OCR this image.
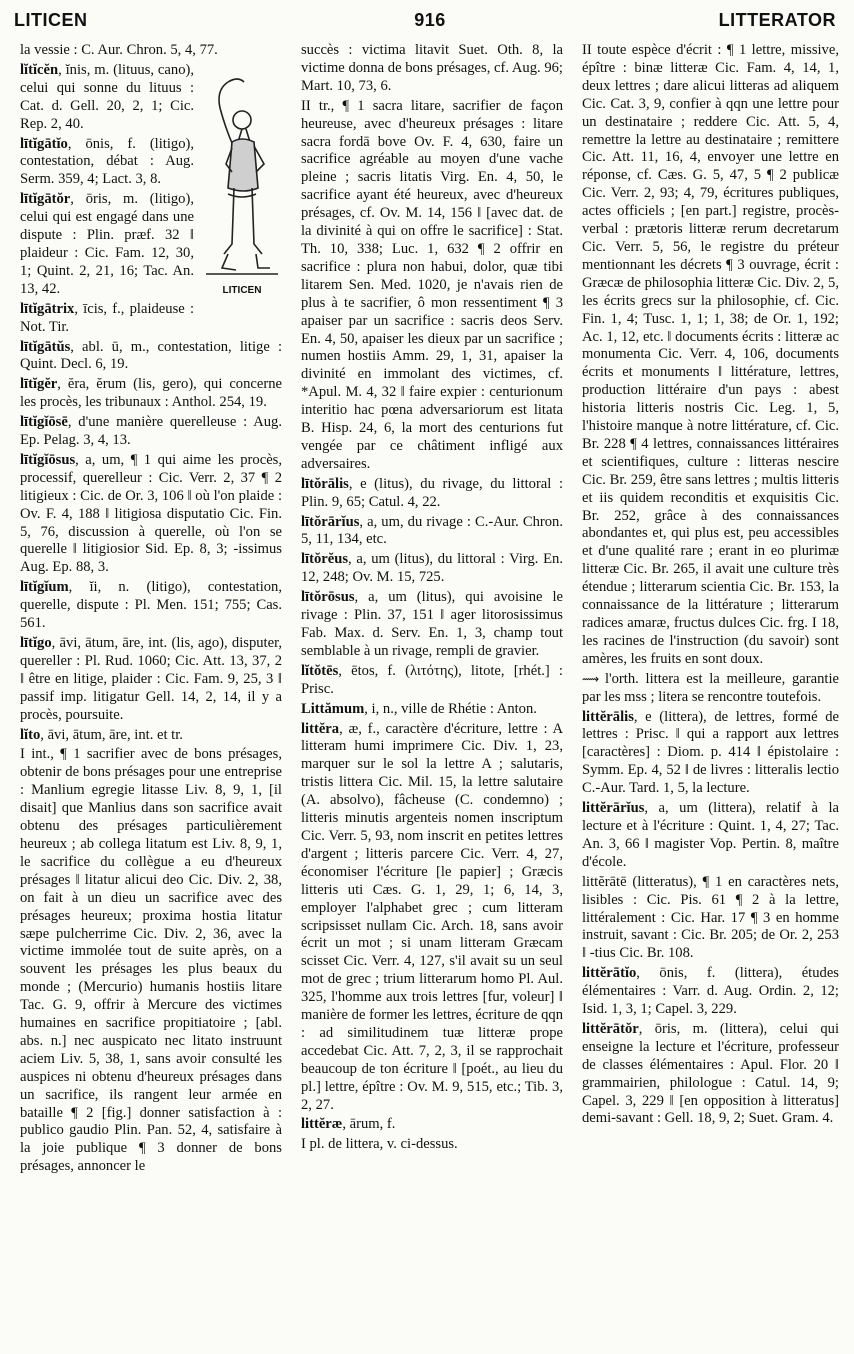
LITICEN	916	LITTERATOR

la vessie : C. Aur. Chron. 5, 4, 77.

LITICEN

lĭtĭcĕn, ĭnis, m. (lituus, cano), celui qui sonne du lituus : Cat. d. Gell. 20, 2, 1; Cic. Rep. 2, 40.

lītĭgātĭo, ōnis, f. (litigo), contestation, débat : Aug. Serm. 359, 4; Lact. 3, 8.

lītĭgātŏr, ōris, m. (litigo), celui qui est engagé dans une dispute : Plin. præf. 32 ‖ plaideur : Cic. Fam. 12, 30, 1; Quint. 2, 21, 16; Tac. An. 13, 42.

lītĭgātrix, īcis, f., plaideuse : Not. Tir.

lītĭgātŭs, abl. ū, m., contestation, litige : Quint. Decl. 6, 19.

lītĭgĕr, ĕra, ĕrum (lis, gero), qui concerne les procès, les tribunaux : Anthol. 254, 19.

lītĭgĭōsē, d'une manière querelleuse : Aug. Ep. Pelag. 3, 4, 13.

lītĭgĭōsus, a, um, ¶ 1 qui aime les procès, processif, querelleur : Cic. Verr. 2, 37 ¶ 2 litigieux : Cic. de Or. 3, 106 ‖ où l'on plaide : Ov. F. 4, 188 ‖ litigiosa disputatio Cic. Fin. 5, 76, discussion à querelle, où l'on se querelle ‖ litigiosior Sid. Ep. 8, 3; -issimus Aug. Ep. 88, 3.

lītĭgĭum, ĭi, n. (litigo), contestation, querelle, dispute : Pl. Men. 151; 755; Cas. 561.

lītĭgo, āvi, ātum, āre, int. (lis, ago), disputer, quereller : Pl. Rud. 1060; Cic. Att. 13, 37, 2 ‖ être en litige, plaider : Cic. Fam. 9, 25, 3 ‖ passif imp. litigatur Gell. 14, 2, 14, il y a procès, poursuite.

lĭto, āvi, ātum, āre, int. et tr.

I int., ¶ 1 sacrifier avec de bons présages, obtenir de bons présages pour une entreprise : Manlium egregie litasse Liv. 8, 9, 1, [il disait] que Manlius dans son sacrifice avait obtenu des présages particulièrement heureux ; ab collega litatum est Liv. 8, 9, 1, le sacrifice du collègue a eu d'heureux présages ‖ litatur alicui deo Cic. Div. 2, 38, on fait à un dieu un sacrifice avec des présages heureux; proxima hostia litatur sæpe pulcherrime Cic. Div. 2, 36, avec la victime immolée tout de suite après, on a souvent les présages les plus beaux du monde ; (Mercurio) humanis hostiis litare Tac. G. 9, offrir à Mercure des victimes humaines en sacrifice propitiatoire ; [abl. abs. n.] nec auspicato nec litato instruunt aciem Liv. 5, 38, 1, sans avoir consulté les auspices ni obtenu d'heureux présages dans un sacrifice, ils rangent leur armée en bataille ¶ 2 [fig.] donner satisfaction à : publico gaudio Plin. Pan. 52, 4, satisfaire à la joie publique ¶ 3 donner de bons présages, annoncer le

succès : victima litavit Suet. Oth. 8, la victime donna de bons présages, cf. Aug. 96; Mart. 10, 73, 6.

II tr., ¶ 1 sacra litare, sacrifier de façon heureuse, avec d'heureux présages : litare sacra fordā bove Ov. F. 4, 630, faire un sacrifice agréable au moyen d'une vache pleine ; sacris litatis Virg. En. 4, 50, le sacrifice ayant été heureux, avec d'heureux présages, cf. Ov. M. 14, 156 ‖ [avec dat. de la divinité à qui on offre le sacrifice] : Stat. Th. 10, 338; Luc. 1, 632 ¶ 2 offrir en sacrifice : plura non habui, dolor, quæ tibi litarem Sen. Med. 1020, je n'avais rien de plus à te sacrifier, ô mon ressentiment ¶ 3 apaiser par un sacrifice : sacris deos Serv. En. 4, 50, apaiser les dieux par un sacrifice ; numen hostiis Amm. 29, 1, 31, apaiser la divinité en immolant des victimes, cf. *Apul. M. 4, 32 ‖ faire expier : centurionum interitio hac pœna adversariorum est litata B. Hisp. 24, 6, la mort des centurions fut vengée par ce châtiment infligé aux adversaires.

lītŏrālis, e (litus), du rivage, du littoral : Plin. 9, 65; Catul. 4, 22.

lītŏrārĭus, a, um, du rivage : C.-Aur. Chron. 5, 11, 134, etc.

lītŏrĕus, a, um (litus), du littoral : Virg. En. 12, 248; Ov. M. 15, 725.

lītŏrōsus, a, um (litus), qui avoisine le rivage : Plin. 37, 151 ‖ ager litorosissimus Fab. Max. d. Serv. En. 1, 3, champ tout semblable à un rivage, rempli de gravier.

lĭtŏtēs, ētos, f. (λιτότης), litote, [rhét.] : Prisc.

Littămum, i, n., ville de Rhétie : Anton.

littĕra, æ, f., caractère d'écriture, lettre : A litteram humi imprimere Cic. Div. 1, 23, marquer sur le sol la lettre A ; salutaris, tristis littera Cic. Mil. 15, la lettre salutaire (A. absolvo), fâcheuse (C. condemno) ; litteris minutis argenteis nomen inscriptum Cic. Verr. 5, 93, nom inscrit en petites lettres d'argent ; litteris parcere Cic. Verr. 4, 27, économiser l'écriture [le papier] ; Græcis litteris uti Cæs. G. 1, 29, 1; 6, 14, 3, employer l'alphabet grec ; cum litteram scripsisset nullam Cic. Arch. 18, sans avoir écrit un mot ; si unam litteram Græcam scisset Cic. Verr. 4, 127, s'il avait su un seul mot de grec ; trium litterarum homo Pl. Aul. 325, l'homme aux trois lettres [fur, voleur] ‖ manière de former les lettres, écriture de qqn : ad similitudinem tuæ litteræ prope accedebat Cic. Att. 7, 2, 3, il se rapprochait beaucoup de ton écriture ‖ [poét., au lieu du pl.] lettre, épître : Ov. M. 9, 515, etc.; Tib. 3, 2, 27.

littĕræ, ārum, f.

I pl. de littera, v. ci-dessus.

II toute espèce d'écrit : ¶ 1 lettre, missive, épître : binæ litteræ Cic. Fam. 4, 14, 1, deux lettres ; dare alicui litteras ad aliquem Cic. Cat. 3, 9, confier à qqn une lettre pour un destinataire ; reddere Cic. Att. 5, 4, remettre la lettre au destinataire ; remittere Cic. Att. 11, 16, 4, envoyer une lettre en réponse, cf. Cæs. G. 5, 47, 5 ¶ 2 publicæ Cic. Verr. 2, 93; 4, 79, écritures publiques, actes officiels ; [en part.] registre, procès-verbal : prætoris litteræ rerum decretarum Cic. Verr. 5, 56, le registre du préteur mentionnant les décrets ¶ 3 ouvrage, écrit : Græcæ de philosophia litteræ Cic. Div. 2, 5, les écrits grecs sur la philosophie, cf. Cic. Fin. 1, 4; Tusc. 1, 1; 1, 38; de Or. 1, 192; Ac. 1, 12, etc. ‖ documents écrits : litteræ ac monumenta Cic. Verr. 4, 106, documents écrits et monuments ‖ littérature, lettres, production littéraire d'un pays : abest historia litteris nostris Cic. Leg. 1, 5, l'histoire manque à notre littérature, cf. Cic. Br. 228 ¶ 4 lettres, connaissances littéraires et scientifiques, culture : litteras nescire Cic. Br. 259, être sans lettres ; multis litteris et iis quidem reconditis et exquisitis Cic. Br. 252, grâce à des connaissances abondantes et, qui plus est, peu accessibles et d'une qualité rare ; erant in eo plurimæ litteræ Cic. Br. 265, il avait une culture très étendue ; litterarum scientia Cic. Br. 153, la connaissance de la littérature ; litterarum radices amaræ, fructus dulces Cic. frg. I 18, les racines de l'instruction (du savoir) sont amères, les fruits en sont doux.

⟿ l'orth. littera est la meilleure, garantie par les mss ; litera se rencontre toutefois.

littĕrālis, e (littera), de lettres, formé de lettres : Prisc. ‖ qui a rapport aux lettres [caractères] : Diom. p. 414 ‖ épistolaire : Symm. Ep. 4, 52 ‖ de livres : litteralis lectio C.-Aur. Tard. 1, 5, la lecture.

littĕrārĭus, a, um (littera), relatif à la lecture et à l'écriture : Quint. 1, 4, 27; Tac. An. 3, 66 ‖ magister Vop. Pertin. 8, maître d'école.

littĕrātē (litteratus), ¶ 1 en caractères nets, lisibles : Cic. Pis. 61 ¶ 2 à la lettre, littéralement : Cic. Har. 17 ¶ 3 en homme instruit, savant : Cic. Br. 205; de Or. 2, 253 ‖ -tius Cic. Br. 108.

littĕrātĭo, ōnis, f. (littera), études élémentaires : Varr. d. Aug. Ordin. 2, 12; Isid. 1, 3, 1; Capel. 3, 229.

littĕrātŏr, ōris, m. (littera), celui qui enseigne la lecture et l'écriture, professeur de classes élémentaires : Apul. Flor. 20 ‖ grammairien, philologue : Catul. 14, 9; Capel. 3, 229 ‖ [en opposition à litteratus] demi-savant : Gell. 18, 9, 2; Suet. Gram. 4.
